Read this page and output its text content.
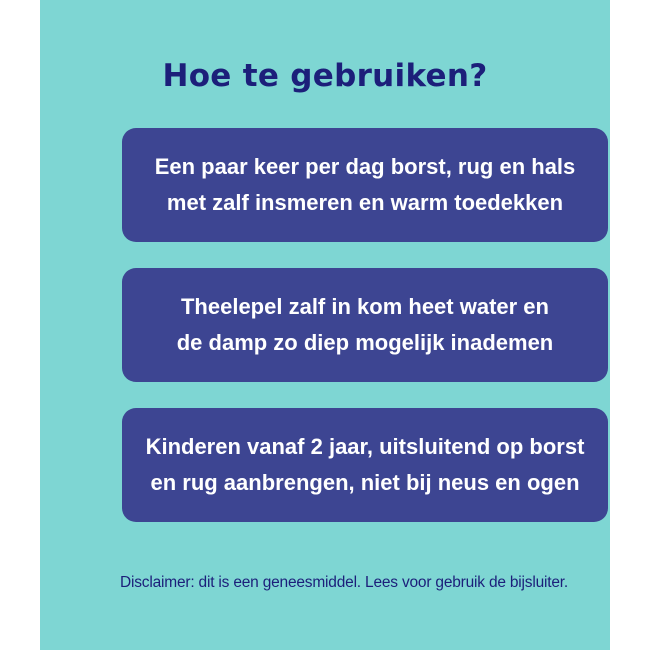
Hoe te gebruiken?
Een paar keer per dag borst, rug en hals
met zalf insmeren en warm toedekken
Theelepel zalf in kom heet water en
de damp zo diep mogelijk inademen
Kinderen vanaf 2 jaar, uitsluitend op borst
en rug aanbrengen, niet bij neus en ogen
Disclaimer: dit is een geneesmiddel. Lees voor gebruik de bijsluiter.
